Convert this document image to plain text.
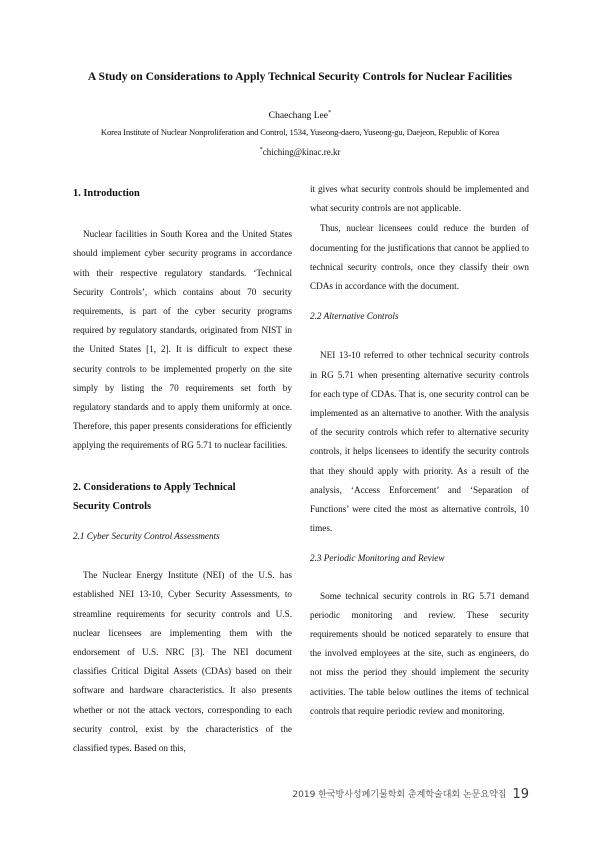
A Study on Considerations to Apply Technical Security Controls for Nuclear Facilities
Chaechang Lee*
Korea Institute of Nuclear Nonproliferation and Control, 1534, Yuseong-daero, Yuseong-gu, Daejeon, Republic of Korea
*chiching@kinac.re.kr

1. Introduction

Nuclear facilities in South Korea and the United States should implement cyber security programs in accordance with their respective regulatory standards. ‘Technical Security Controls’, which contains about 70 security requirements, is part of the cyber security programs required by regulatory standards, originated from NIST in the United States [1, 2]. It is difficult to expect these security controls to be implemented properly on the site simply by listing the 70 requirements set forth by regulatory standards and to apply them uniformly at once. Therefore, this paper presents considerations for efficiently applying the requirements of RG 5.71 to nuclear facilities.

2. Considerations to Apply Technical

Security Controls

2.1 Cyber Security Control Assessments

The Nuclear Energy Institute (NEI) of the U.S. has established NEI 13-10, Cyber Security Assessments, to streamline requirements for security controls and U.S. nuclear licensees are implementing them with the endorsement of U.S. NRC [3]. The NEI document classifies Critical Digital Assets (CDAs) based on their software and hardware characteristics. It also presents whether or not the attack vectors, corresponding to each security control, exist by the characteristics of the classified types. Based on this,

it gives what security controls should be implemented and what security controls are not applicable.

Thus, nuclear licensees could reduce the burden of documenting for the justifications that cannot be applied to technical security controls, once they classify their own CDAs in accordance with the document.

2.2 Alternative Controls

NEI 13-10 referred to other technical security controls in RG 5.71 when presenting alternative security controls for each type of CDAs. That is, one security control can be implemented as an alternative to another. With the analysis of the security controls which refer to alternative security controls, it helps licensees to identify the security controls that they should apply with priority. As a result of the analysis, ‘Access Enforcement’ and ‘Separation of Functions’ were cited the most as alternative controls, 10 times.

2.3 Periodic Monitoring and Review

Some technical security controls in RG 5.71 demand periodic monitoring and review. These security requirements should be noticed separately to ensure that the involved employees at the site, such as engineers, do not miss the period they should implement the security activities. The table below outlines the items of technical controls that require periodic review and monitoring.

2019 한국방사성폐기물학회 춘계학술대회 논문요약집 19
